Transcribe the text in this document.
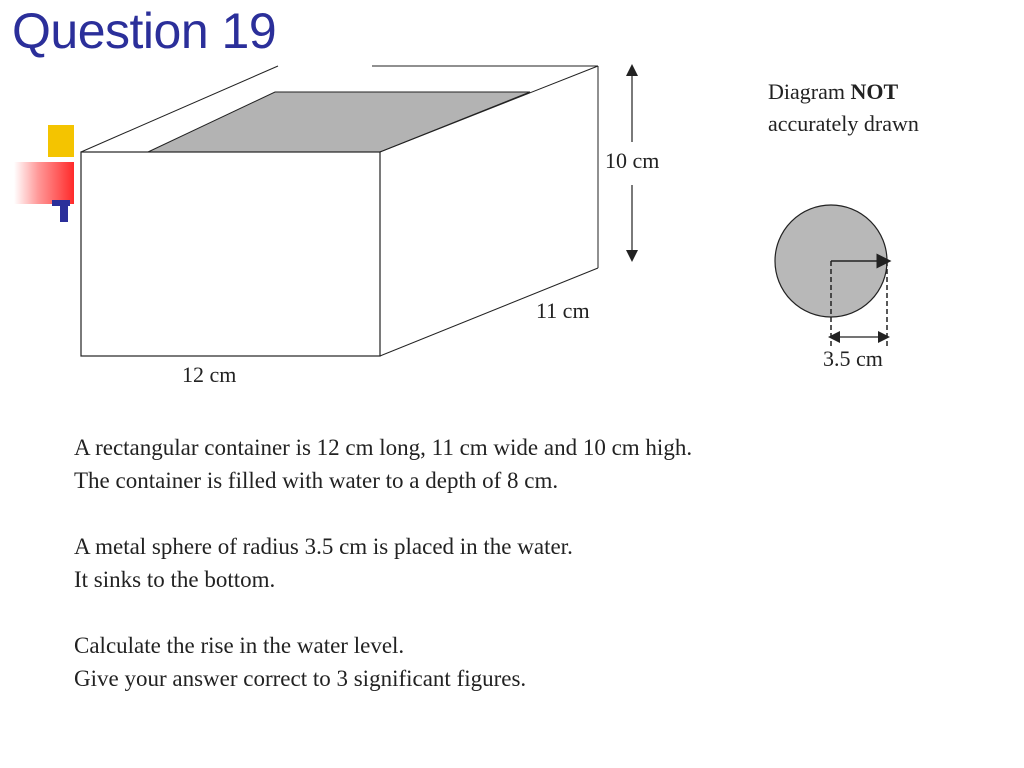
Question 19
10 cm
11 cm
12 cm
3.5 cm
Diagram NOT
accurately drawn

A rectangular container is 12 cm long, 11 cm wide and 10 cm high.
The container is filled with water to a depth of 8 cm.

A metal sphere of radius 3.5 cm is placed in the water.
It sinks to the bottom.

Calculate the rise in the water level.
Give your answer correct to 3 significant figures.
